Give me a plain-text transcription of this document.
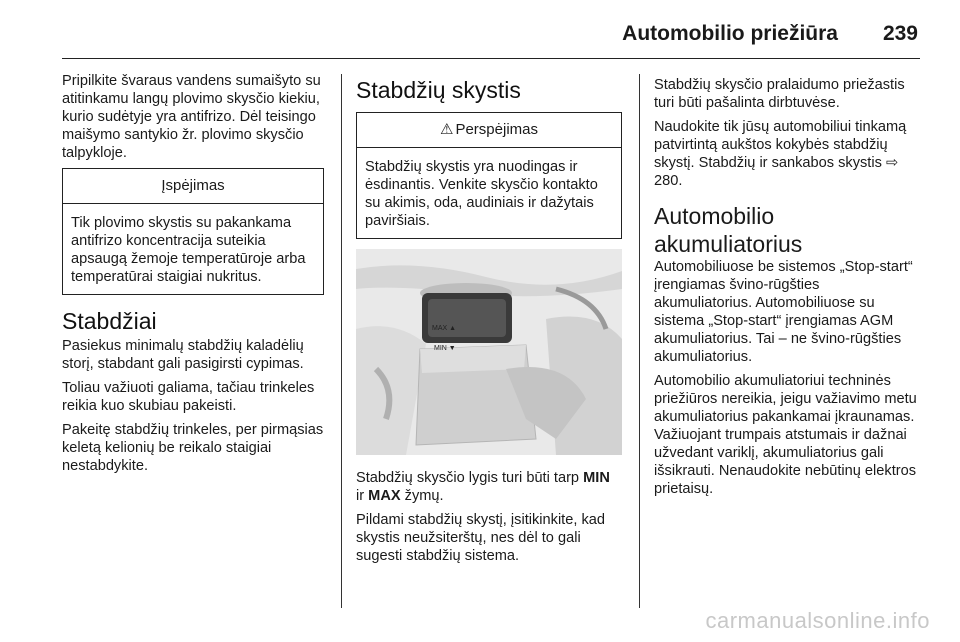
Automobilio priežiūra 239

Pripilkite švaraus vandens sumaišyto su atitinkamu langų plovimo skysčio kiekiu, kurio sudėtyje yra antifrizo. Dėl teisingo maišymo santykio žr. plovimo skysčio talpykloje.

Įspėjimas

Tik plovimo skystis su pakankama antifrizo koncentracija suteikia apsaugą žemoje temperatūroje arba temperatūrai staigiai nukritus.

Stabdžiai

Pasiekus minimalų stabdžių kaladėlių storį, stabdant gali pasigirsti cypimas.

Toliau važiuoti galiama, tačiau trinkeles reikia kuo skubiau pakeisti.

Pakeitę stabdžių trinkeles, per pirmąsias keletą kelionių be reikalo staigiai nestabdykite.

Stabdžių skystis
⚠ Perspėjimas

Stabdžių skystis yra nuodingas ir ėsdinantis. Venkite skysčio kontakto su akimis, oda, audiniais ir dažytais paviršiais.

MAX ▲
MIN ▼

Stabdžių skysčio lygis turi būti tarp MIN ir MAX žymų.

Pildami stabdžių skystį, įsitikinkite, kad skystis neužsiterštų, nes dėl to gali sugesti stabdžių sistema.

Stabdžių skysčio pralaidumo priežastis turi būti pašalinta dirbtuvėse.

Naudokite tik jūsų automobiliui tinkamą patvirtintą aukštos kokybės stabdžių skystį. Stabdžių ir sankabos skystis ⇨ 280.

Automobilio akumuliatorius

Automobiliuose be sistemos „Stop-start“ įrengiamas švino-rūgšties akumuliatorius. Automobiliuose su sistema „Stop-start“ įrengiamas AGM akumuliatorius. Tai – ne švino-rūgšties akumuliatorius.

Automobilio akumuliatoriui techninės priežiūros nereikia, jeigu važiavimo metu akumuliatorius pakankamai įkraunamas. Važiuojant trumpais atstumais ir dažnai užvedant variklį, akumuliatorius gali išsikrauti. Nenaudokite nebūtinų elektros prietaisų.

carmanualsonline.info
